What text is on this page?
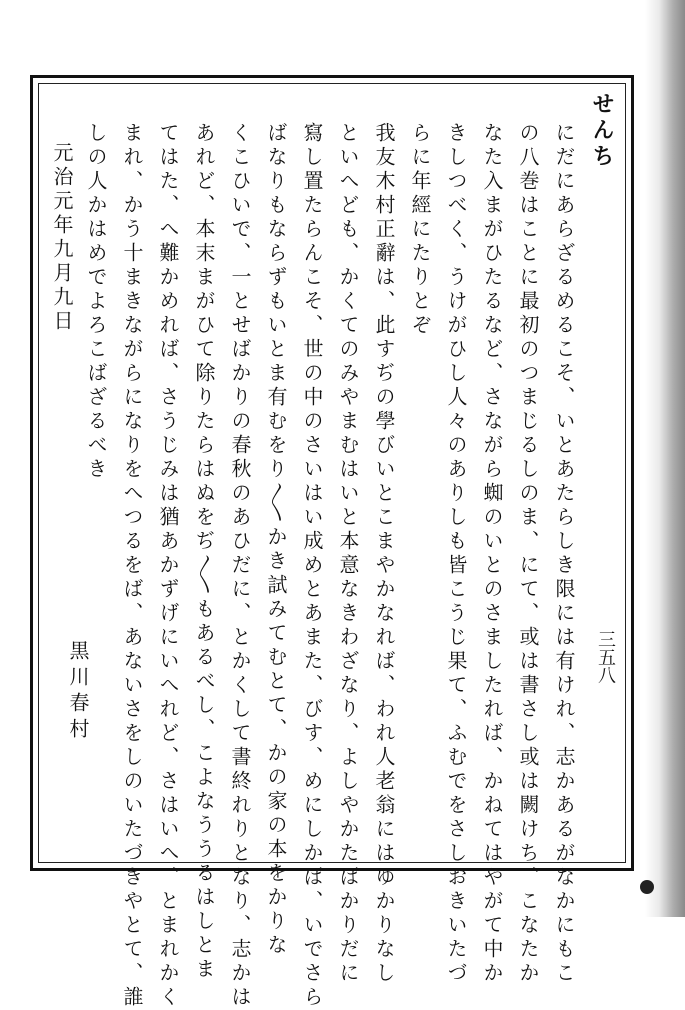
せんち
三五八
にだにあらざるめるこそ、いとあたらしき限には有けれ、志かあるがなかにもこ
の八巻はことに最初のつまじるしのま、にて、或は書さし或は闕けち、こなたか
なた入まがひたるなど、さながら蜘のいとのさましたれば、かねてはやがて中か
きしつべく、うけがひし人々のありしも皆こうじ果て、ふむでをさしおきいたづ
らに年經にたりとぞ
我友木村正辭は、此すぢの學びいとこまやかなれば、われ人老翁にはゆかりなし
といへども、かくてのみやまむはいと本意なきわざなり、よしやかたばかりだに
寫し置たらんこそ、世の中のさいはい成めとあまた、びす、めにしかば、いでさら
ばなりもならずもいとま有むをり〳〵かき試みてむとて、かの家の本をかりな
くこひいで、一とせばかりの春秋のあひだに、とかくして書終れりとなり、志かは
あれど、本末まがひて除りたらはぬをぢ〳〵もあるべし、こよなううるはしとま
てはた、へ難かめれば、さうじみは猶あかずげにいへれど、さはいへ、とまれかく
まれ、かう十まきながらになりをへつるをば、あないさをしのいたづきやとて、誰
しの人かはめでよろこばざるべき
元治元年九月九日
黒川春村
